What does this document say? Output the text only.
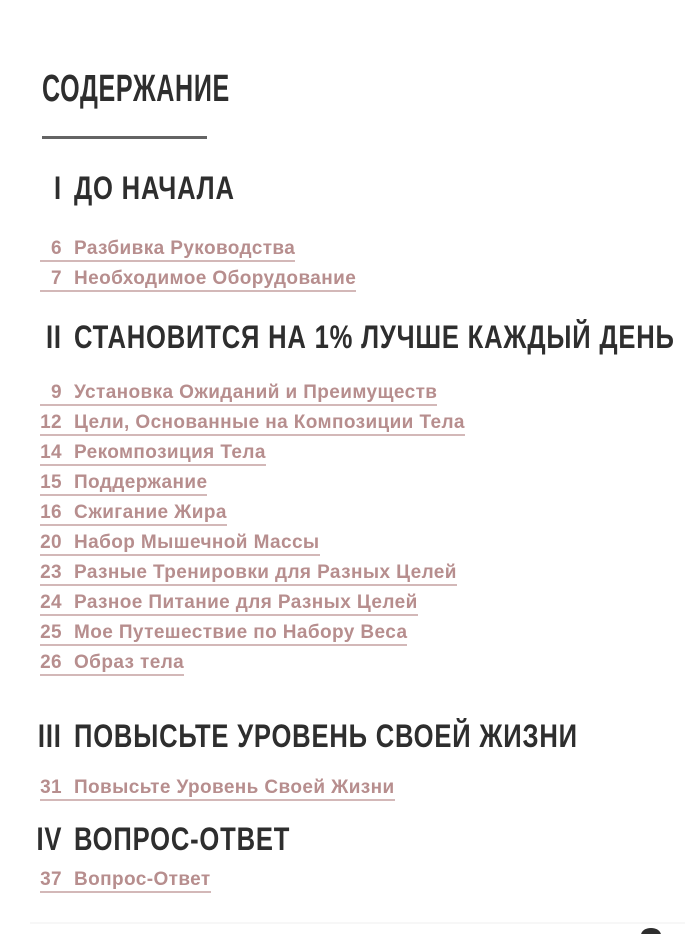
СОДЕРЖАНИЕ
I ДО НАЧАЛА
6 Разбивка Руководства
7 Необходимое Оборудование
II СТАНОВИТСЯ НА 1% ЛУЧШЕ КАЖДЫЙ ДЕНЬ
9 Установка Ожиданий и Преимуществ
12 Цели, Основанные на Композиции Тела
14 Рекомпозиция Тела
15 Поддержание
16 Сжигание Жира
20 Набор Мышечной Массы
23 Разные Тренировки для Разных Целей
24 Разное Питание для Разных Целей
25 Мое Путешествие по Набору Веса
26 Образ тела
III ПОВЫСЬТЕ УРОВЕНЬ СВОЕЙ ЖИЗНИ
31 Повысьте Уровень Своей Жизни
IV ВОПРОС-ОТВЕТ
37 Вопрос-Ответ
